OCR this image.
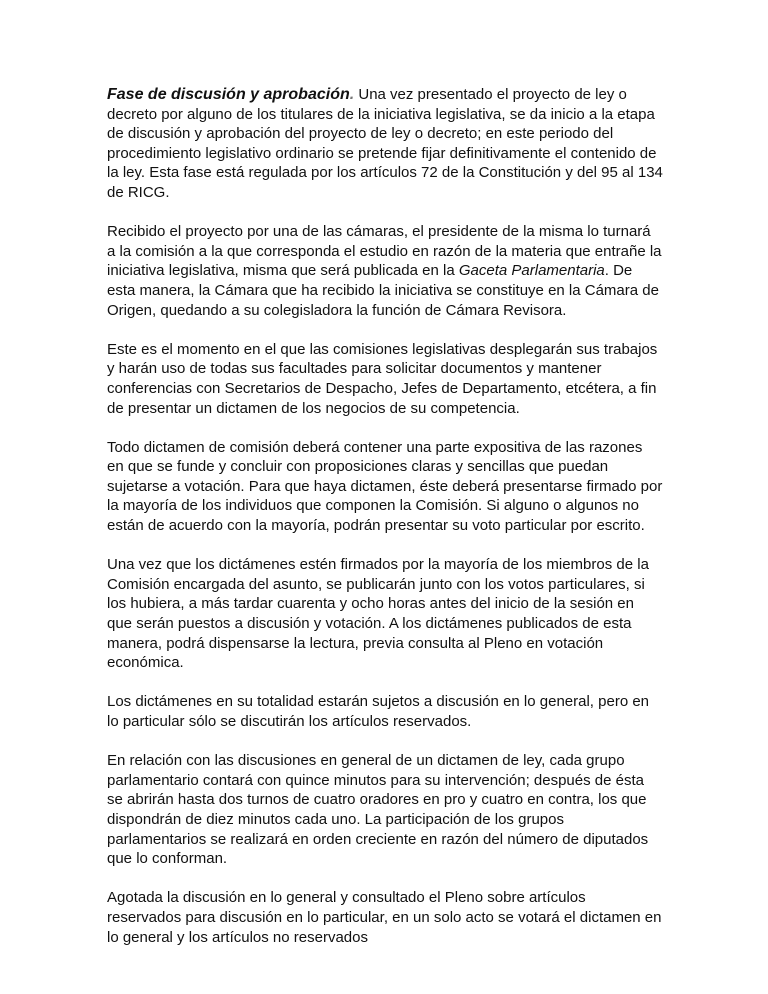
Fase de discusión y aprobación. Una vez presentado el proyecto de ley o decreto por alguno de los titulares de la iniciativa legislativa, se da inicio a la etapa de discusión y aprobación del proyecto de ley o decreto; en este periodo del procedimiento legislativo ordinario se pretende fijar definitivamente el contenido de la ley. Esta fase está regulada por los artículos 72 de la Constitución y del 95 al 134 de RICG.

Recibido el proyecto por una de las cámaras, el presidente de la misma lo turnará a la comisión a la que corresponda el estudio en razón de la materia que entrañe la iniciativa legislativa, misma que será publicada en la Gaceta Parlamentaria. De esta manera, la Cámara que ha recibido la iniciativa se constituye en la Cámara de Origen, quedando a su colegisladora la función de Cámara Revisora.

Este es el momento en el que las comisiones legislativas desplegarán sus trabajos y harán uso de todas sus facultades para solicitar documentos y mantener conferencias con Secretarios de Despacho, Jefes de Departamento, etcétera, a fin de presentar un dictamen de los negocios de su competencia.

Todo dictamen de comisión deberá contener una parte expositiva de las razones en que se funde y concluir con proposiciones claras y sencillas que puedan sujetarse a votación. Para que haya dictamen, éste deberá presentarse firmado por la mayoría de los individuos que componen la Comisión. Si alguno o algunos no están de acuerdo con la mayoría, podrán presentar su voto particular por escrito.

Una vez que los dictámenes estén firmados por la mayoría de los miembros de la Comisión encargada del asunto, se publicarán junto con los votos particulares, si los hubiera, a más tardar cuarenta y ocho horas antes del inicio de la sesión en que serán puestos a discusión y votación. A los dictámenes publicados de esta manera, podrá dispensarse la lectura, previa consulta al Pleno en votación económica.

Los dictámenes en su totalidad estarán sujetos a discusión en lo general, pero en lo particular sólo se discutirán los artículos reservados.

En relación con las discusiones en general de un dictamen de ley, cada grupo parlamentario contará con quince minutos para su intervención; después de ésta se abrirán hasta dos turnos de cuatro oradores en pro y cuatro en contra, los que dispondrán de diez minutos cada uno. La participación de los grupos parlamentarios se realizará en orden creciente en razón del número de diputados que lo conforman.

Agotada la discusión en lo general y consultado el Pleno sobre artículos reservados para discusión en lo particular, en un solo acto se votará el dictamen en lo general y los artículos no reservados
